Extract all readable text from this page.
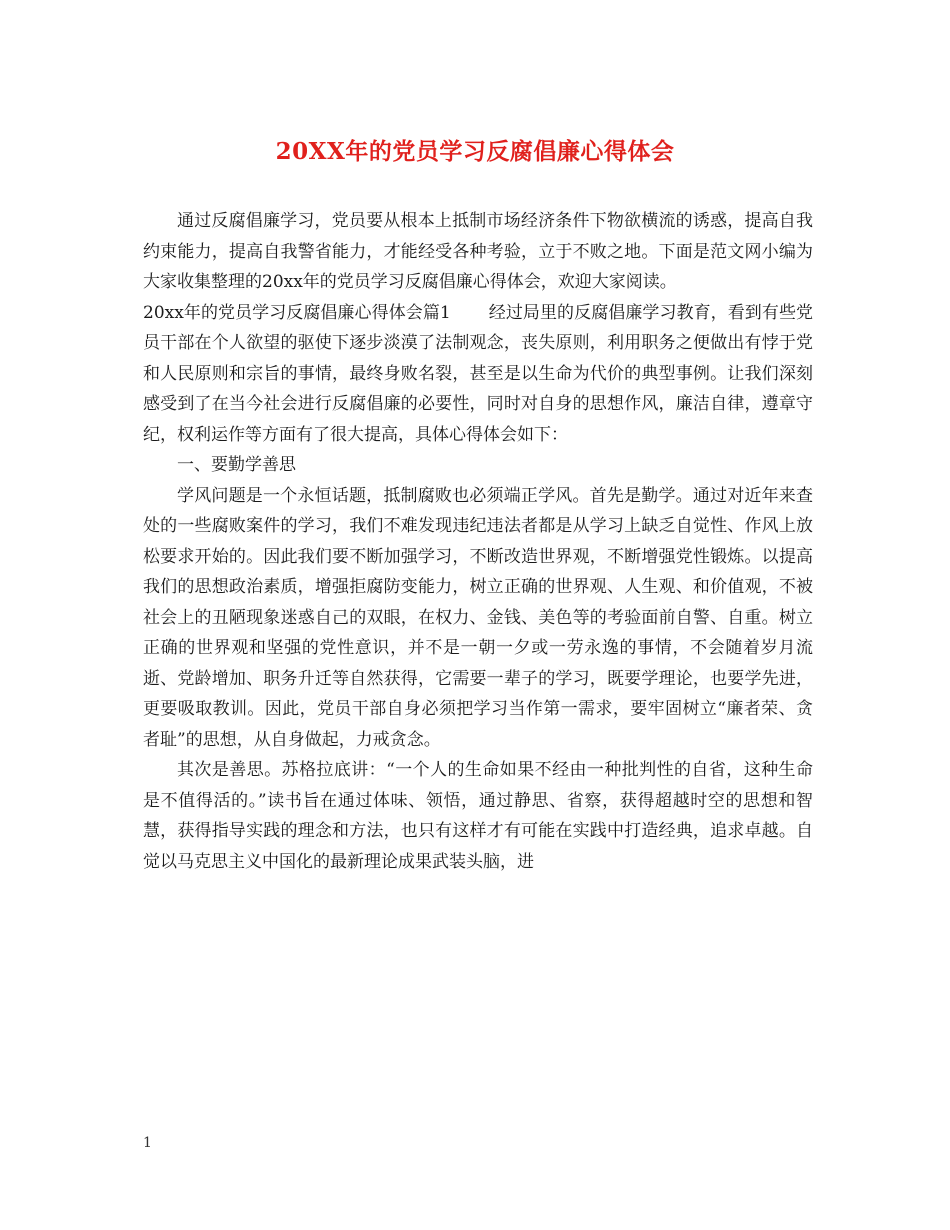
20XX年的党员学习反腐倡廉心得体会

通过反腐倡廉学习，党员要从根本上抵制市场经济条件下物欲横流的诱惑，提高自我约束能力，提高自我警省能力，才能经受各种考验，立于不败之地。下面是范文网小编为大家收集整理的20xx年的党员学习反腐倡廉心得体会，欢迎大家阅读。

20xx年的党员学习反腐倡廉心得体会篇1 经过局里的反腐倡廉学习教育，看到有些党员干部在个人欲望的驱使下逐步淡漠了法制观念，丧失原则，利用职务之便做出有悖于党和人民原则和宗旨的事情，最终身败名裂，甚至是以生命为代价的典型事例。让我们深刻感受到了在当今社会进行反腐倡廉的必要性，同时对自身的思想作风，廉洁自律，遵章守纪，权利运作等方面有了很大提高，具体心得体会如下：

一、要勤学善思

学风问题是一个永恒话题，抵制腐败也必须端正学风。首先是勤学。通过对近年来查处的一些腐败案件的学习，我们不难发现违纪违法者都是从学习上缺乏自觉性、作风上放松要求开始的。因此我们要不断加强学习，不断改造世界观，不断增强党性锻炼。以提高我们的思想政治素质，增强拒腐防变能力，树立正确的世界观、人生观、和价值观，不被社会上的丑陋现象迷惑自己的双眼，在权力、金钱、美色等的考验面前自警、自重。树立正确的世界观和坚强的党性意识，并不是一朝一夕或一劳永逸的事情，不会随着岁月流逝、党龄增加、职务升迁等自然获得，它需要一辈子的学习，既要学理论，也要学先进，更要吸取教训。因此，党员干部自身必须把学习当作第一需求，要牢固树立“廉者荣、贪者耻”的思想，从自身做起，力戒贪念。

其次是善思。苏格拉底讲：“一个人的生命如果不经由一种批判性的自省，这种生命是不值得活的。”读书旨在通过体味、领悟，通过静思、省察，获得超越时空的思想和智慧，获得指导实践的理念和方法，也只有这样才有可能在实践中打造经典，追求卓越。自觉以马克思主义中国化的最新理论成果武装头脑，进

1
